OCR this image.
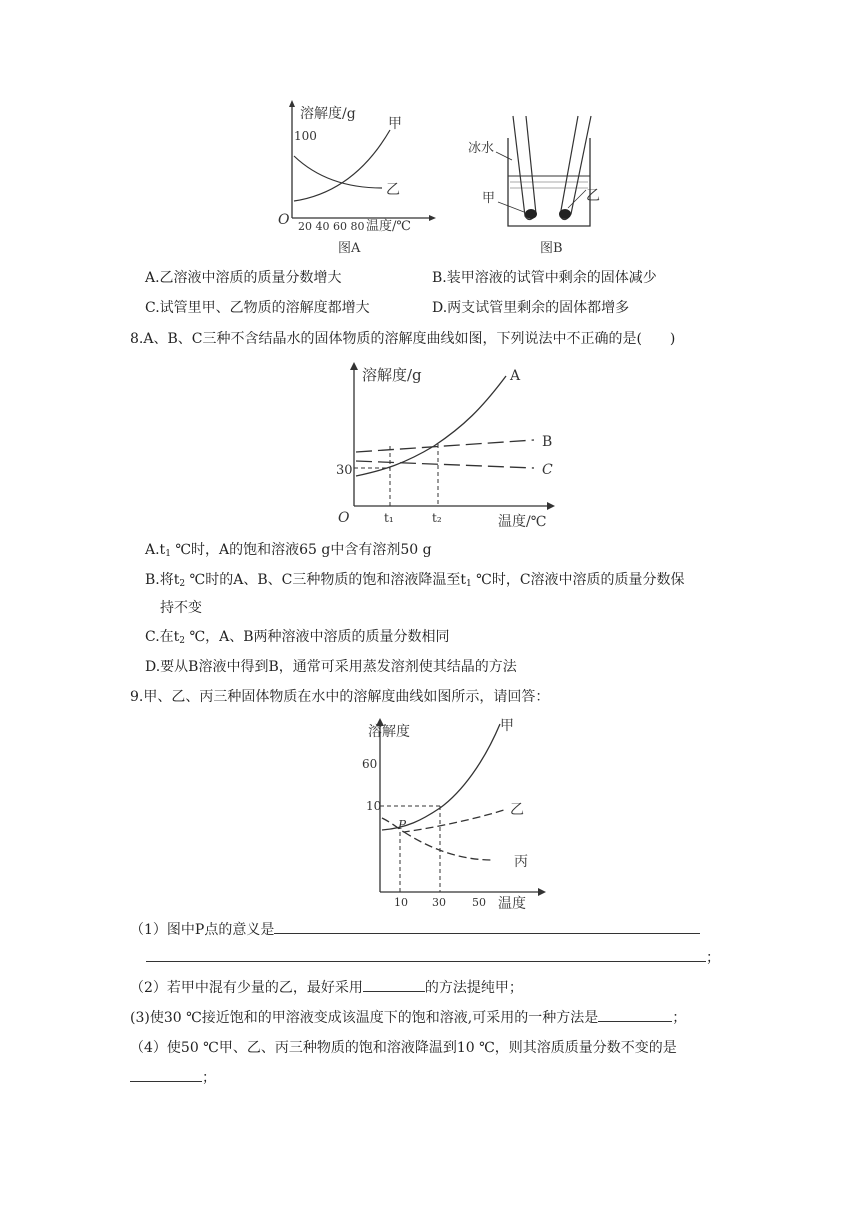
溶解度/g
100
甲
乙
O 20 40 60 80 温度/℃
图A
冰水
甲	乙
图B
A.乙溶液中溶质的质量分数增大	B.装甲溶液的试管中剩余的固体减少
C.试管里甲、乙物质的溶解度都增大	D.两支试管里剩余的固体都增多
8.A、B、C三种不含结晶水的固体物质的溶解度曲线如图，下列说法中不正确的是(　　)
溶解度/g
30
A
B
C
O	t₁	t₂	温度/℃
$A.t_1$ ℃时，A的饱和溶液65 g中含有溶剂50 g
B.将$t_2$ ℃时的A、B、C三种物质的饱和溶液降温至$t_1$ ℃时，C溶液中溶质的质量分数保
持不变
C.在$t_2$ ℃，A、B两种溶液中溶质的质量分数相同
D.要从B溶液中得到B，通常可采用蒸发溶剂使其结晶的方法
9.甲、乙、丙三种固体物质在水中的溶解度曲线如图所示，请回答：
溶解度
60
10
P
甲
乙
丙
10 30 50 温度
（1）图中P点的意义是
；
（2）若甲中混有少量的乙，最好采用	的方法提纯甲；
(3)使30 ℃接近饱和的甲溶液变成该温度下的饱和溶液,可采用的一种方法是	；
（4）使50 ℃甲、乙、丙三种物质的饱和溶液降温到10 ℃，则其溶质质量分数不变的是
；
